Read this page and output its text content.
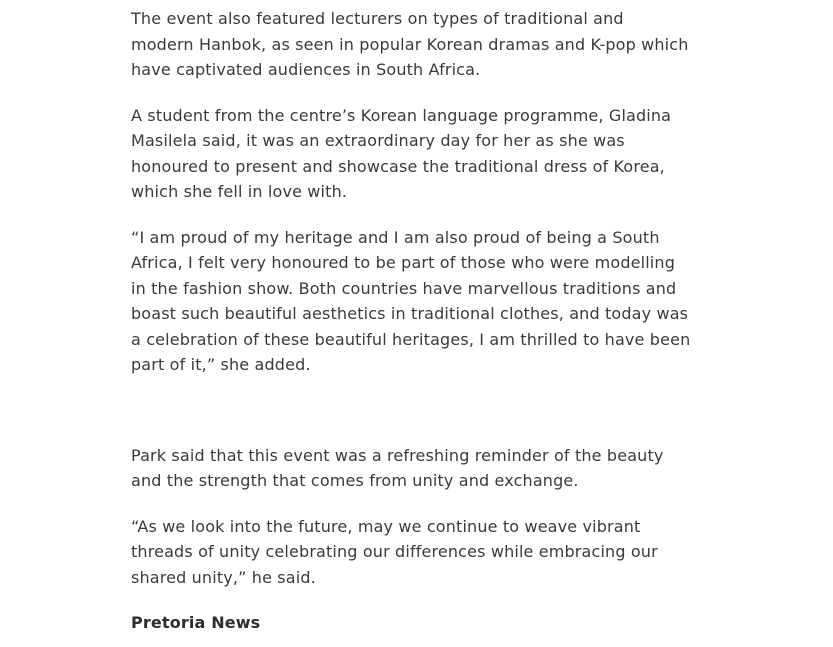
The event also featured lecturers on types of traditional and modern Hanbok, as seen in popular Korean dramas and K-pop which have captivated audiences in South Africa.

A student from the centre’s Korean language programme, Gladina Masilela said, it was an extraordinary day for her as she was honoured to present and showcase the traditional dress of Korea, which she fell in love with.

“I am proud of my heritage and I am also proud of being a South Africa, I felt very honoured to be part of those who were modelling in the fashion show. Both countries have marvellous traditions and boast such beautiful aesthetics in traditional clothes, and today was a celebration of these beautiful heritages, I am thrilled to have been part of it,” she added.

Park said that this event was a refreshing reminder of the beauty and the strength that comes from unity and exchange.

“As we look into the future, may we continue to weave vibrant threads of unity celebrating our differences while embracing our shared unity,” he said.

Pretoria News
